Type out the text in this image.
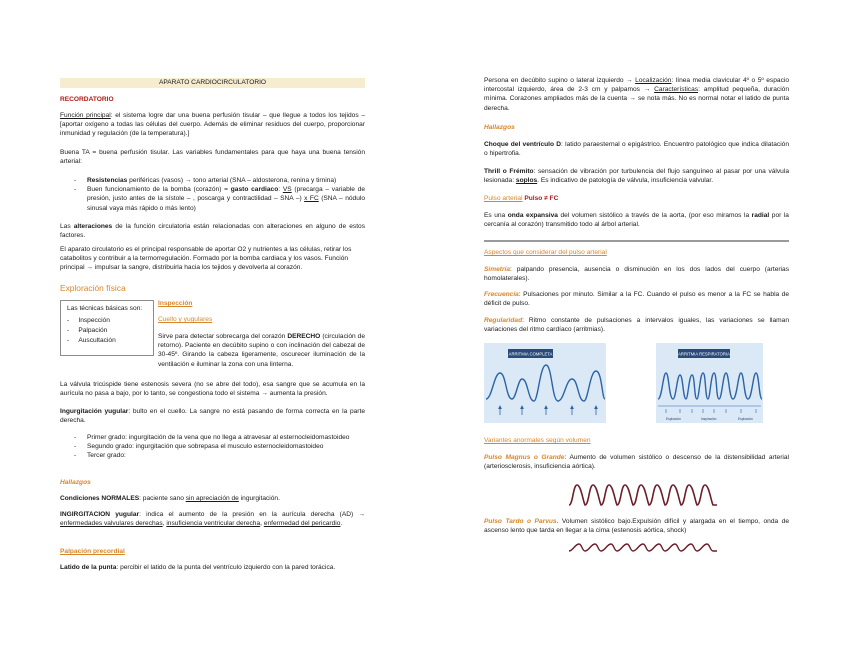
APARATO CARDIOCIRCULATORIO

RECORDATORIO

Función principal: el sistema logre dar una buena perfusión tisular – que llegue a todos los tejidos – [aportar oxígeno a todas las células del cuerpo. Además de eliminar residuos del cuerpo, proporcionar inmunidad y regulación (de la temperatura).]

Buena TA = buena perfusión tisular. Las variables fundamentales para que haya una buena tensión arterial:

- Resistencias periféricas (vasos) → tono arterial (SNA – aldosterona, renina y tirnina)
- Buen funcionamiento de la bomba (corazón) = gasto cardiaco: VS (precarga – variable de presión, justo antes de la sístole – , poscarga y contractilidad – SNA –) x FC (SNA – nódulo sinusal vaya más rápido o más lento)

Las alteraciones de la función circulatoria están relacionadas con alteraciones en alguno de estos factores.

El aparato circulatorio es el principal responsable de aportar O2 y nutrientes a las células, retirar los catabolitos y contribuir a la termorregulación. Formado por la bomba cardiaca y los vasos. Función principal → impulsar la sangre, distribuirla hacia los tejidos y devolverla al corazón.

Exploración física

Las técnicas básicas son:
-     Inspección
-     Palpación
-     Auscultación

Inspección

Cuello y yugulares

Sirve para detectar sobrecarga del corazón DERECHO (circulación de retorno). Paciente en decúbito supino o con inclinación del cabezal de 30-45º. Girando la cabeza ligeramente, oscurecer iluminación de la ventilación e iluminar la zona con una linterna.

La válvula tricúspide tiene estenosis severa (no se abre del todo), esa sangre que se acumula en la aurícula no pasa a bajo, por lo tanto, se congestiona todo el sistema → aumenta la presión.

Ingurgitación yugular: bulto en el cuello. La sangre no está pasando de forma correcta en la parte derecha.

- Primer grado: ingurgitación de la vena que no llega a atravesar al esternocleidomastoideo
- Segundo grado: ingurgitación que sobrepasa el musculo esternocleidomastoideo
- Tercer grado:

Hallazgos

Condiciones NORMALES: paciente sano sin apreciación de ingurgitación.

INGIRGITACION yugular: indica el aumento de la presión en la aurícula derecha (AD) → enfermedades valvulares derechas, insuficiencia ventricular derecha, enfermedad del pericardio.

Palpación precordial

Latido de la punta: percibir el latido de la punta del ventrículo izquierdo con la pared torácica.

Persona en decúbito supino o lateral izquierdo → Localización: línea media clavicular 4º o 5º espacio intercostal izquierdo, área de 2-3 cm y palpamos → Características: amplitud pequeña, duración mínima. Corazones ampliados más de la cuenta → se nota más. No es normal notar el latido de punta derecha.

Hallazgos

Choque del ventrículo D: latido paraesternal o epigástrico. Encuentro patológico que indica dilatación o hipertrofia.

Thrill o Frémito: sensación de vibración por turbulencia del flujo sanguíneo al pasar por una válvula lesionada: soplos. Es indicativo de patología de válvula, insuficiencia valvular.

Pulso arterial Pulso ≠ FC

Es una onda expansiva del volumen sistólico a través de la aorta, (por eso miramos la radial por la cercanía al corazón) transmitido todo al árbol arterial.

Aspectos que considerar del pulso arterial

Simetría: palpando presencia, ausencia o disminución en los dos lados del cuerpo (arterias homolaterales).

Frecuencia: Pulsaciones por minuto. Similar a la FC. Cuando el pulso es menor a la FC se habla de déficit de pulso.

Regularidad: Ritmo constante de pulsaciones a intervalos iguales, las variaciones se llaman variaciones del ritmo cardíaco (arritmias).

ARRITMIA COMPLETA	ARRITMIA RESPIRATORIA
Espiración	Inspiración	Espiración

Variantes anormales según volumen

Pulso Magnus o Grande: Aumento de volumen sistólico o descenso de la distensibilidad arterial (arteriosclerosis, insuficiencia aórtica).

Pulso Tardo o Parvus. Volumen sistólico bajo.Expulsión difícil y alargada en el tiempo, onda de ascenso lento que tarda en llegar a la cima (estenosis aórtica, shock)
